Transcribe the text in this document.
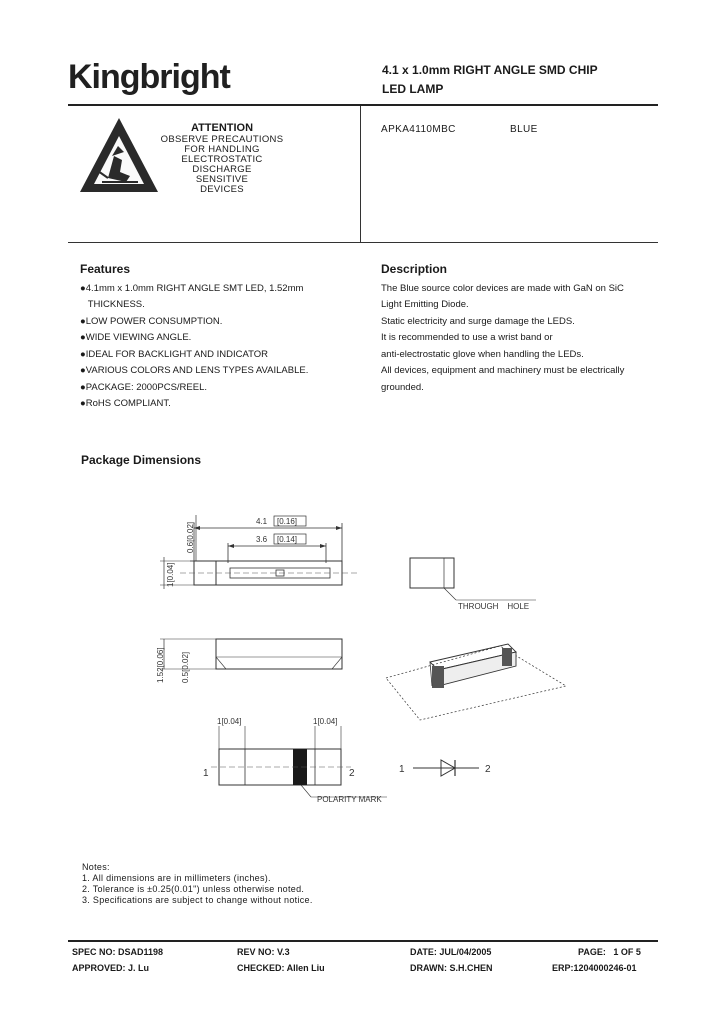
Kingbright	4.1 x 1.0mm RIGHT ANGLE SMD CHIP
LED LAMP
ATTENTION
OBSERVE PRECAUTIONS
FOR HANDLING
ELECTROSTATIC
DISCHARGE
SENSITIVE
DEVICES
APKA4110MBC	BLUE
Features
●4.1mm x 1.0mm RIGHT ANGLE SMT LED, 1.52mm
THICKNESS.
●LOW POWER CONSUMPTION.
●WIDE VIEWING ANGLE.
●IDEAL FOR BACKLIGHT AND INDICATOR
●VARIOUS COLORS AND LENS TYPES AVAILABLE.
●PACKAGE: 2000PCS/REEL.
●RoHS COMPLIANT.
Description
The Blue source color devices are made with GaN on SiC
Light Emitting Diode.
Static electricity and surge damage the LEDS.
It is recommended to use a wrist band or
anti-electrostatic glove when handling the LEDs.
All devices, equipment and machinery must be electrically
grounded.
Package Dimensions
4.1 [0.16]
3.6 [0.14]
0.6[0.02]
1[0.04]
1.52[0.06] 0.5[0.02]
1[0.04]	1[0.04]
1	2
POLARITY MARK
THROUGH    HOLE
1	2
Notes:
1. All dimensions are in millimeters (inches).
2. Tolerance is ±0.25(0.01") unless otherwise noted.
3. Specifications are subject to change without notice.
SPEC NO: DSAD1198	REV NO: V.3	DATE: JUL/04/2005	PAGE:   1 OF 5
APPROVED: J. Lu	CHECKED: Allen Liu	DRAWN: S.H.CHEN	ERP:1204000246-01
